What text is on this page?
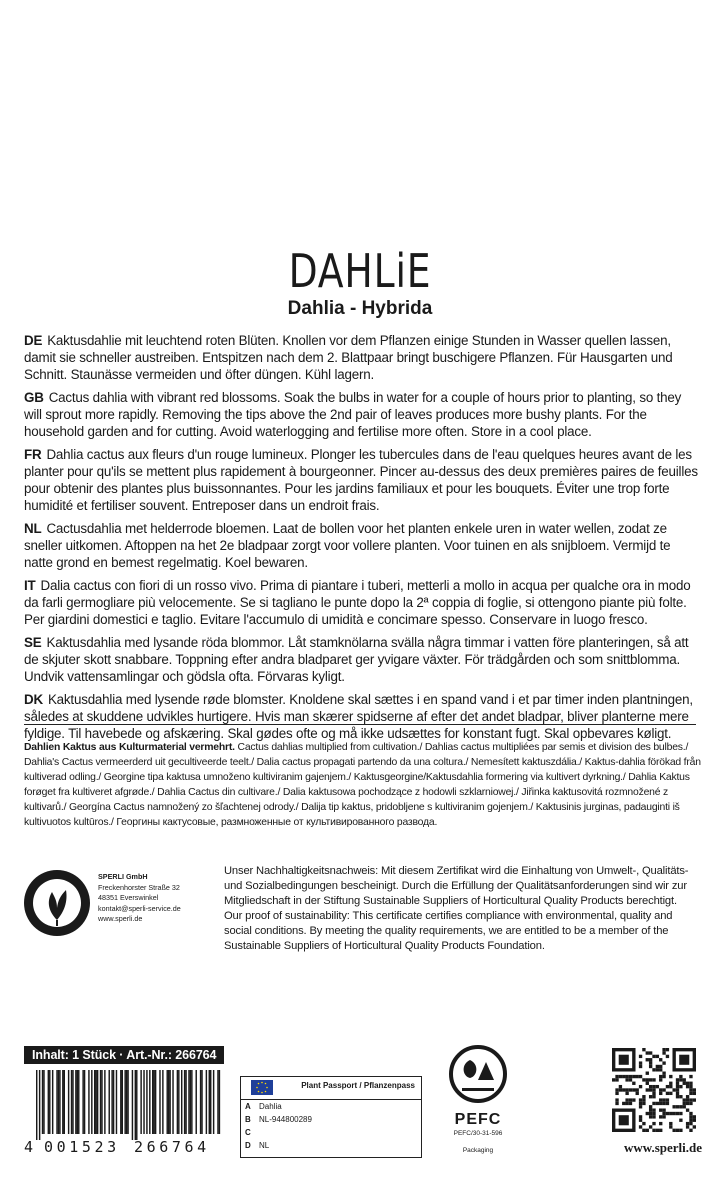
DAHLiE
Dahlia - Hybrida

DE Kaktusdahlie mit leuchtend roten Blüten. Knollen vor dem Pflanzen einige Stunden in Wasser quellen lassen, damit sie schneller austreiben. Entspitzen nach dem 2. Blattpaar bringt buschigere Pflanzen. Für Hausgarten und Schnitt. Staunässe vermeiden und öfter düngen. Kühl lagern.

GB Cactus dahlia with vibrant red blossoms. Soak the bulbs in water for a couple of hours prior to planting, so they will sprout more rapidly. Removing the tips above the 2nd pair of leaves produces more bushy plants. For the household garden and for cutting. Avoid waterlogging and fertilise more often. Store in a cool place.

FR Dahlia cactus aux fleurs d'un rouge lumineux. Plonger les tubercules dans de l'eau quelques heures avant de les planter pour qu'ils se mettent plus rapidement à bourgeonner. Pincer au-dessus des deux premières paires de feuilles pour obtenir des plantes plus buissonnantes. Pour les jardins familiaux et pour les bouquets. Éviter une trop forte humidité et fertiliser souvent. Entreposer dans un endroit frais.

NL Cactusdahlia met helderrode bloemen. Laat de bollen voor het planten enkele uren in water wellen, zodat ze sneller uitkomen. Aftoppen na het 2e bladpaar zorgt voor vollere planten. Voor tuinen en als snijbloem. Vermijd te natte grond en bemest regelmatig. Koel bewaren.

IT Dalia cactus con fiori di un rosso vivo. Prima di piantare i tuberi, metterli a mollo in acqua per qualche ora in modo da farli germogliare più velocemente. Se si tagliano le punte dopo la 2ª coppia di foglie, si ottengono piante più folte. Per giardini domestici e taglio. Evitare l'accumulo di umidità e concimare spesso. Conservare in luogo fresco.

SE Kaktusdahlia med lysande röda blommor. Låt stamknölarna svälla några timmar i vatten före planteringen, så att de skjuter skott snabbare. Toppning efter andra bladparet ger yvigare växter. För trädgården och som snittblomma. Undvik vattensamlingar och gödsla ofta. Förvaras kyligt.

DK Kaktusdahlia med lysende røde blomster. Knoldene skal sættes i en spand vand i et par timer inden plantningen, således at skuddene udvikles hurtigere. Hvis man skærer spidserne af efter det andet bladpar, bliver planterne mere fyldige. Til havebede og afskæring. Skal gødes ofte og må ikke udsættes for konstant fugt. Skal opbevares køligt.

Dahlien Kaktus aus Kulturmaterial vermehrt. Cactus dahlias multiplied from cultivation./ Dahlias cactus multipliées par semis et division des bulbes./ Dahlia's Cactus vermeerderd uit gecultiveerde teelt./ Dalia cactus propagati partendo da una coltura./ Nemesített kaktuszdália./ Kaktus-dahlia förökad från kultiverad odling./ Georgine tipa kaktusa umnoženo kultiviranim gajenjem./ Kaktusgeorgine/Kaktusdahlia formering via kultivert dyrkning./ Dahlia Kaktus forøget fra kultiveret afgrøde./ Dahlia Cactus din cultivare./ Dalia kaktusowa pochodzące z hodowli szklarniowej./ Jiřinka kaktusovitá rozmnožené z kultivarů./ Georgína Cactus namnožený zo šľachtenej odrody./ Dalija tip kaktus, pridobljene s kultiviranim gojenjem./ Kaktusinis jurginas, padauginti iš kultivuotos kultūros./ Георгины кактусовые, размноженные от культивированного развода.
SPERLI GmbH
Freckenhorster Straße 32
48351 Everswinkel
kontakt@sperli-service.de
www.sperli.de

Unser Nachhaltigkeitsnachweis: Mit diesem Zertifikat wird die Einhaltung von Umwelt-, Qualitäts- und Sozialbedingungen bescheinigt. Durch die Erfüllung der Qualitätsanforderungen sind wir zur Mitgliedschaft in der Stiftung Sustainable Suppliers of Horticultural Quality Products berechtigt.

Our proof of sustainability: This certificate certifies compliance with environmental, quality and social conditions. By meeting the quality requirements, we are entitled to be a member of the Sustainable Suppliers of Horticultural Quality Products Foundation.

Inhalt: 1 Stück · Art.-Nr.: 266764
4 001523 266764
Plant Passport / Pflanzenpass
A Dahlia
B NL-944800289
C
D NL
PEFC
PEFC/30-31-596
Packaging	www.sperli.de
